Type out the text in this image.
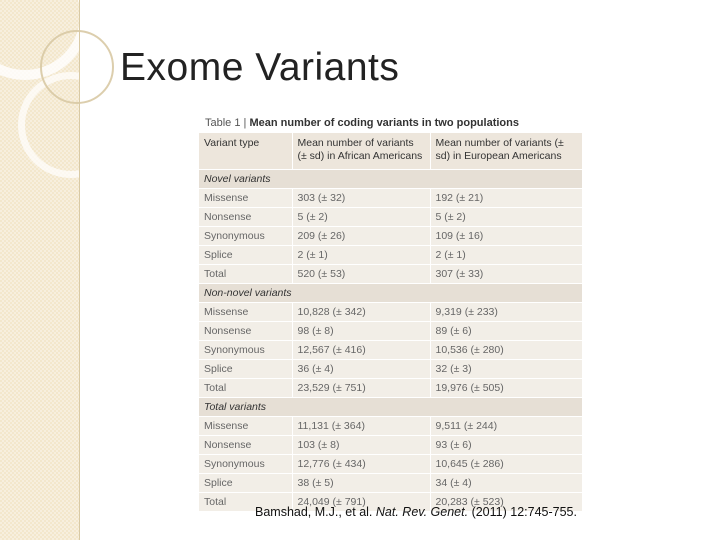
Exome Variants
Table 1 | Mean number of coding variants in two populations
Variant type	Mean number of variants (± sd) in African Americans	Mean number of variants (± sd) in European Americans
Novel variants		
Missense	303 (± 32)	192 (± 21)
Nonsense	5 (± 2)	5 (± 2)
Synonymous	209 (± 26)	109 (± 16)
Splice	2 (± 1)	2 (± 1)
Total	520 (± 53)	307 (± 33)
Non-novel variants		
Missense	10,828 (± 342)	9,319 (± 233)
Nonsense	98 (± 8)	89 (± 6)
Synonymous	12,567 (± 416)	10,536 (± 280)
Splice	36 (± 4)	32 (± 3)
Total	23,529 (± 751)	19,976 (± 505)
Total variants		
Missense	11,131 (± 364)	9,511 (± 244)
Nonsense	103 (± 8)	93 (± 6)
Synonymous	12,776 (± 434)	10,645 (± 286)
Splice	38 (± 5)	34 (± 4)
Total	24,049 (± 791)	20,283 (± 523)
Bamshad, M.J., et al. Nat. Rev. Genet. (2011) 12:745-755.
